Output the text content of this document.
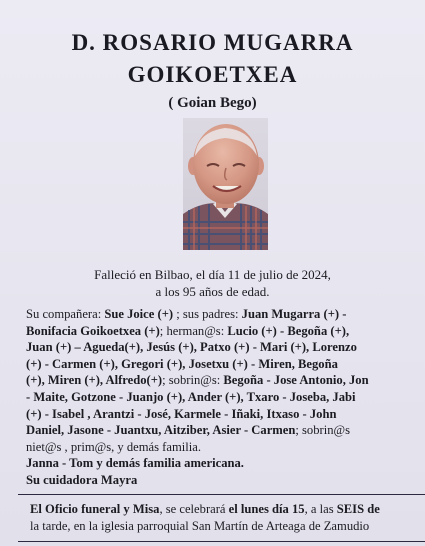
D. ROSARIO MUGARRA
GOIKOETXEA
( Goian Bego)
Falleció en Bilbao, el día 11 de julio de 2024,
a los 95 años de edad.
Su compañera: Sue Joice (+) ; sus padres: Juan Mugarra (+) -
Bonifacia Goikoetxea (+); herman@s: Lucio (+) - Begoña (+),
Juan (+) – Agueda(+), Jesús (+), Patxo (+) - Mari (+), Lorenzo
(+) - Carmen (+), Gregori (+), Josetxu (+) - Miren, Begoña
(+), Miren (+), Alfredo(+); sobrin@s: Begoña - Jose Antonio, Jon
- Maite, Gotzone - Juanjo (+), Ander (+), Txaro - Joseba, Jabi
(+) - Isabel , Arantzi - José, Karmele - Iñaki, Itxaso - John
Daniel, Jasone - Juantxu, Aitziber, Asier - Carmen; sobrin@s
niet@s , prim@s, y demás familia.
Janna - Tom y demás familia americana.
Su cuidadora Mayra
El Oficio funeral y Misa, se celebrará el lunes día 15, a las SEIS de
la tarde, en la iglesia parroquial San Martín de Arteaga de Zamudio
